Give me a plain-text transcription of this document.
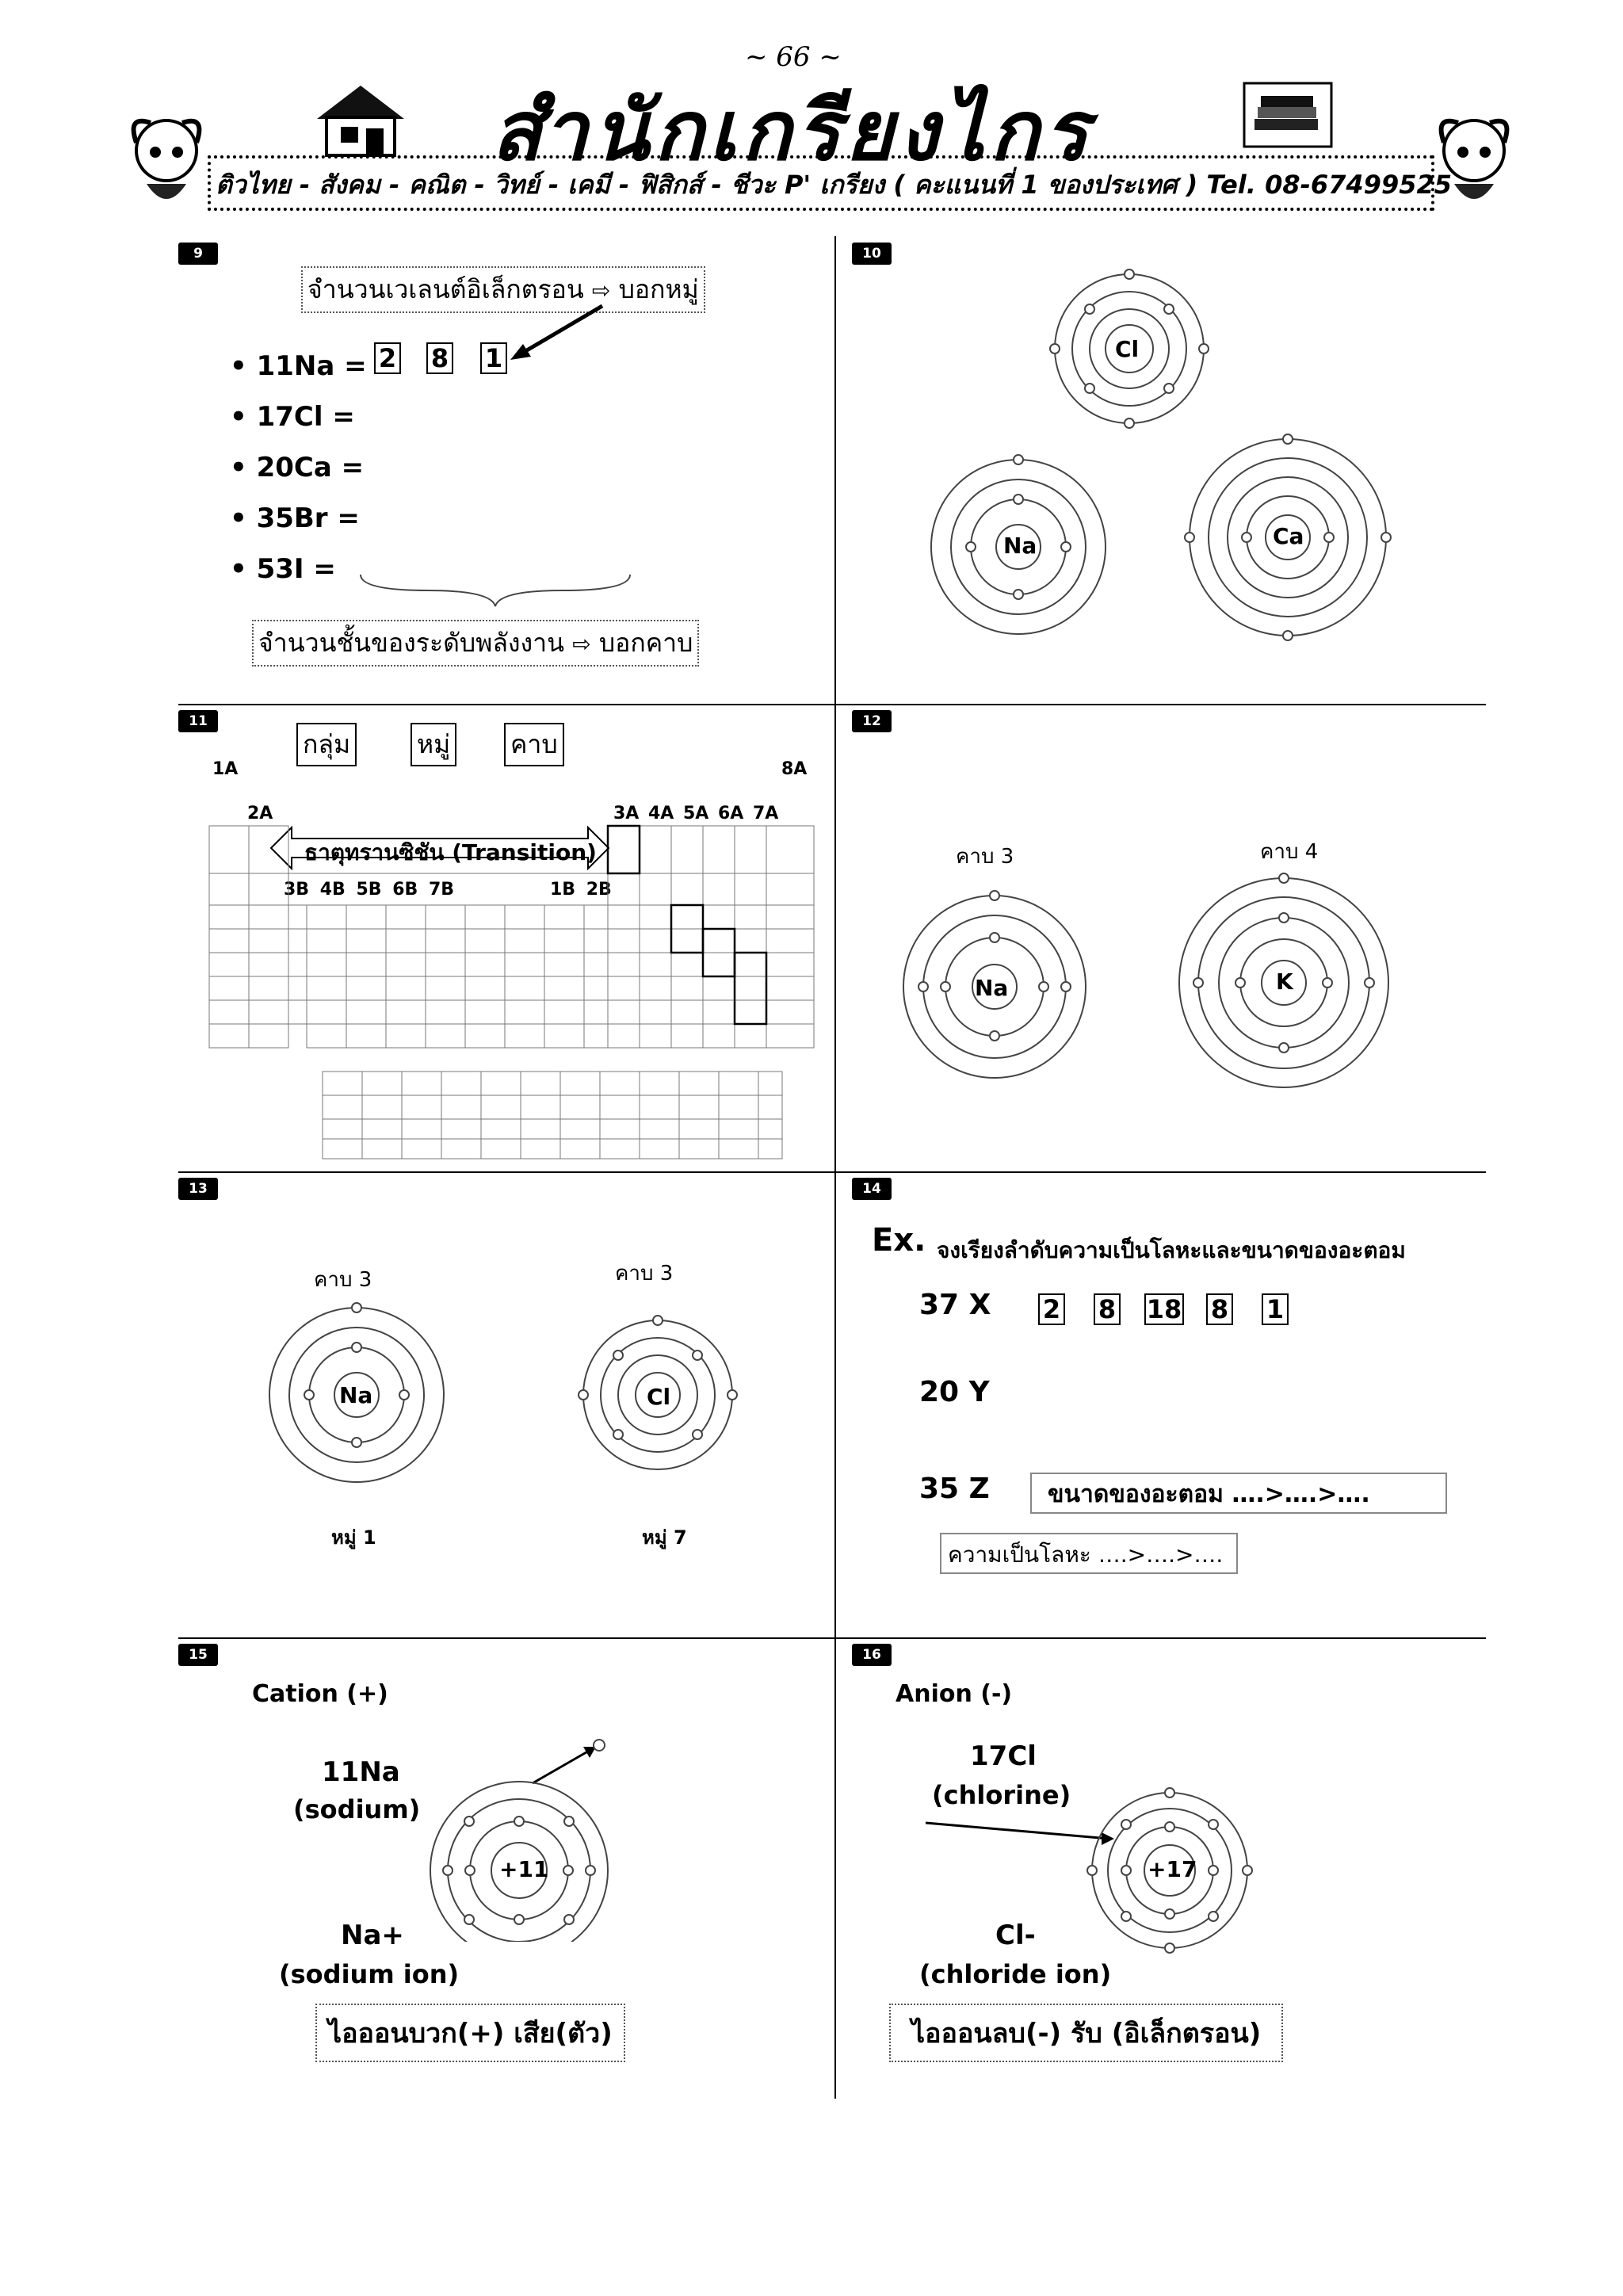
~ 66 ~
สำนักเกรียงไกร
ติวไทย - สังคม - คณิต - วิทย์ - เคมี - ฟิสิกส์ - ชีวะ P' เกรียง ( คะแนนที่ 1 ของประเทศ ) Tel. 08-67499525
9	10
11	12
13	14
15	16
จำนวนเวเลนต์อิเล็กตรอน ⇨ บอกหมู่
• 11Na =
• 17Cl =
• 20Ca =
• 35Br =
• 53I =
2 8 1
จำนวนชั้นของระดับพลังงาน ⇨ บอกคาบ
Cl
Na	Ca
กลุ่ม	หมู่ คาบ
1A
2A
8A
3A 4A 5A 6A 7A
3B 4B 5B 6B 7B	1B 2B
ธาตุทรานซิชัน (Transition)	คาบ 3	คาบ 4
Na	K
คาบ 3	คาบ 3
Na	Cl
หมู่ 1	หมู่ 7
Ex. จงเรียงลำดับความเป็นโลหะและขนาดของอะตอม
37 X 2 8 18 8 1
20 Y
35 Z	ขนาดของอะตอม ….>….>….
ความเป็นโลหะ ….>….>….
Cation (+)
11Na
(sodium)
+11
Na+
(sodium ion)
ไอออนบวก(+) เสีย(ตัว)
Anion (-)
17Cl
(chlorine)
+17
Cl-
(chloride ion)
ไอออนลบ(-) รับ (อิเล็กตรอน)
